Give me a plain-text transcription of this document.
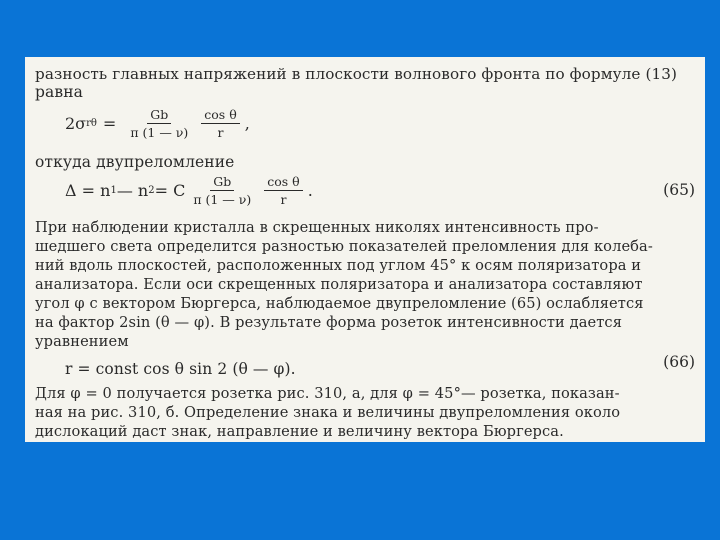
разность главных напряжений в плоскости волнового фронта по формуле (13)
равна
2σ $r\theta = \frac{Gb}{\pi (1 — \nu)} \frac{\text{cos θ}}{r}$ ,
откуда двупреломление
Δ = n 1 — n 2 = C $\frac{Gb}{\pi (1 — \nu)} \frac{\text{cos θ}}{r}$ .	(65)
При наблюдении кристалла в скрещенных николях интенсивность про-
шедшего света определится разностью показателей преломления для колеба-
ний вдоль плоскостей, расположенных под углом 45° к осям поляризатора и
анализатора. Если оси скрещенных поляризатора и анализатора составляют
угол φ с вектором Бюргерса, наблюдаемое двупреломление (65) ослабляется
на фактор 2sin (θ — φ). В результате форма розеток интенсивности дается
уравнением
r = const cos θ sin 2 (θ — φ).	(66)
Для φ = 0 получается розетка рис. 310, а, для φ = 45°— розетка, показан-
ная на рис. 310, б. Определение знака и величины двупреломления около
дислокаций даст знак, направление и величину вектора Бюргерса.
